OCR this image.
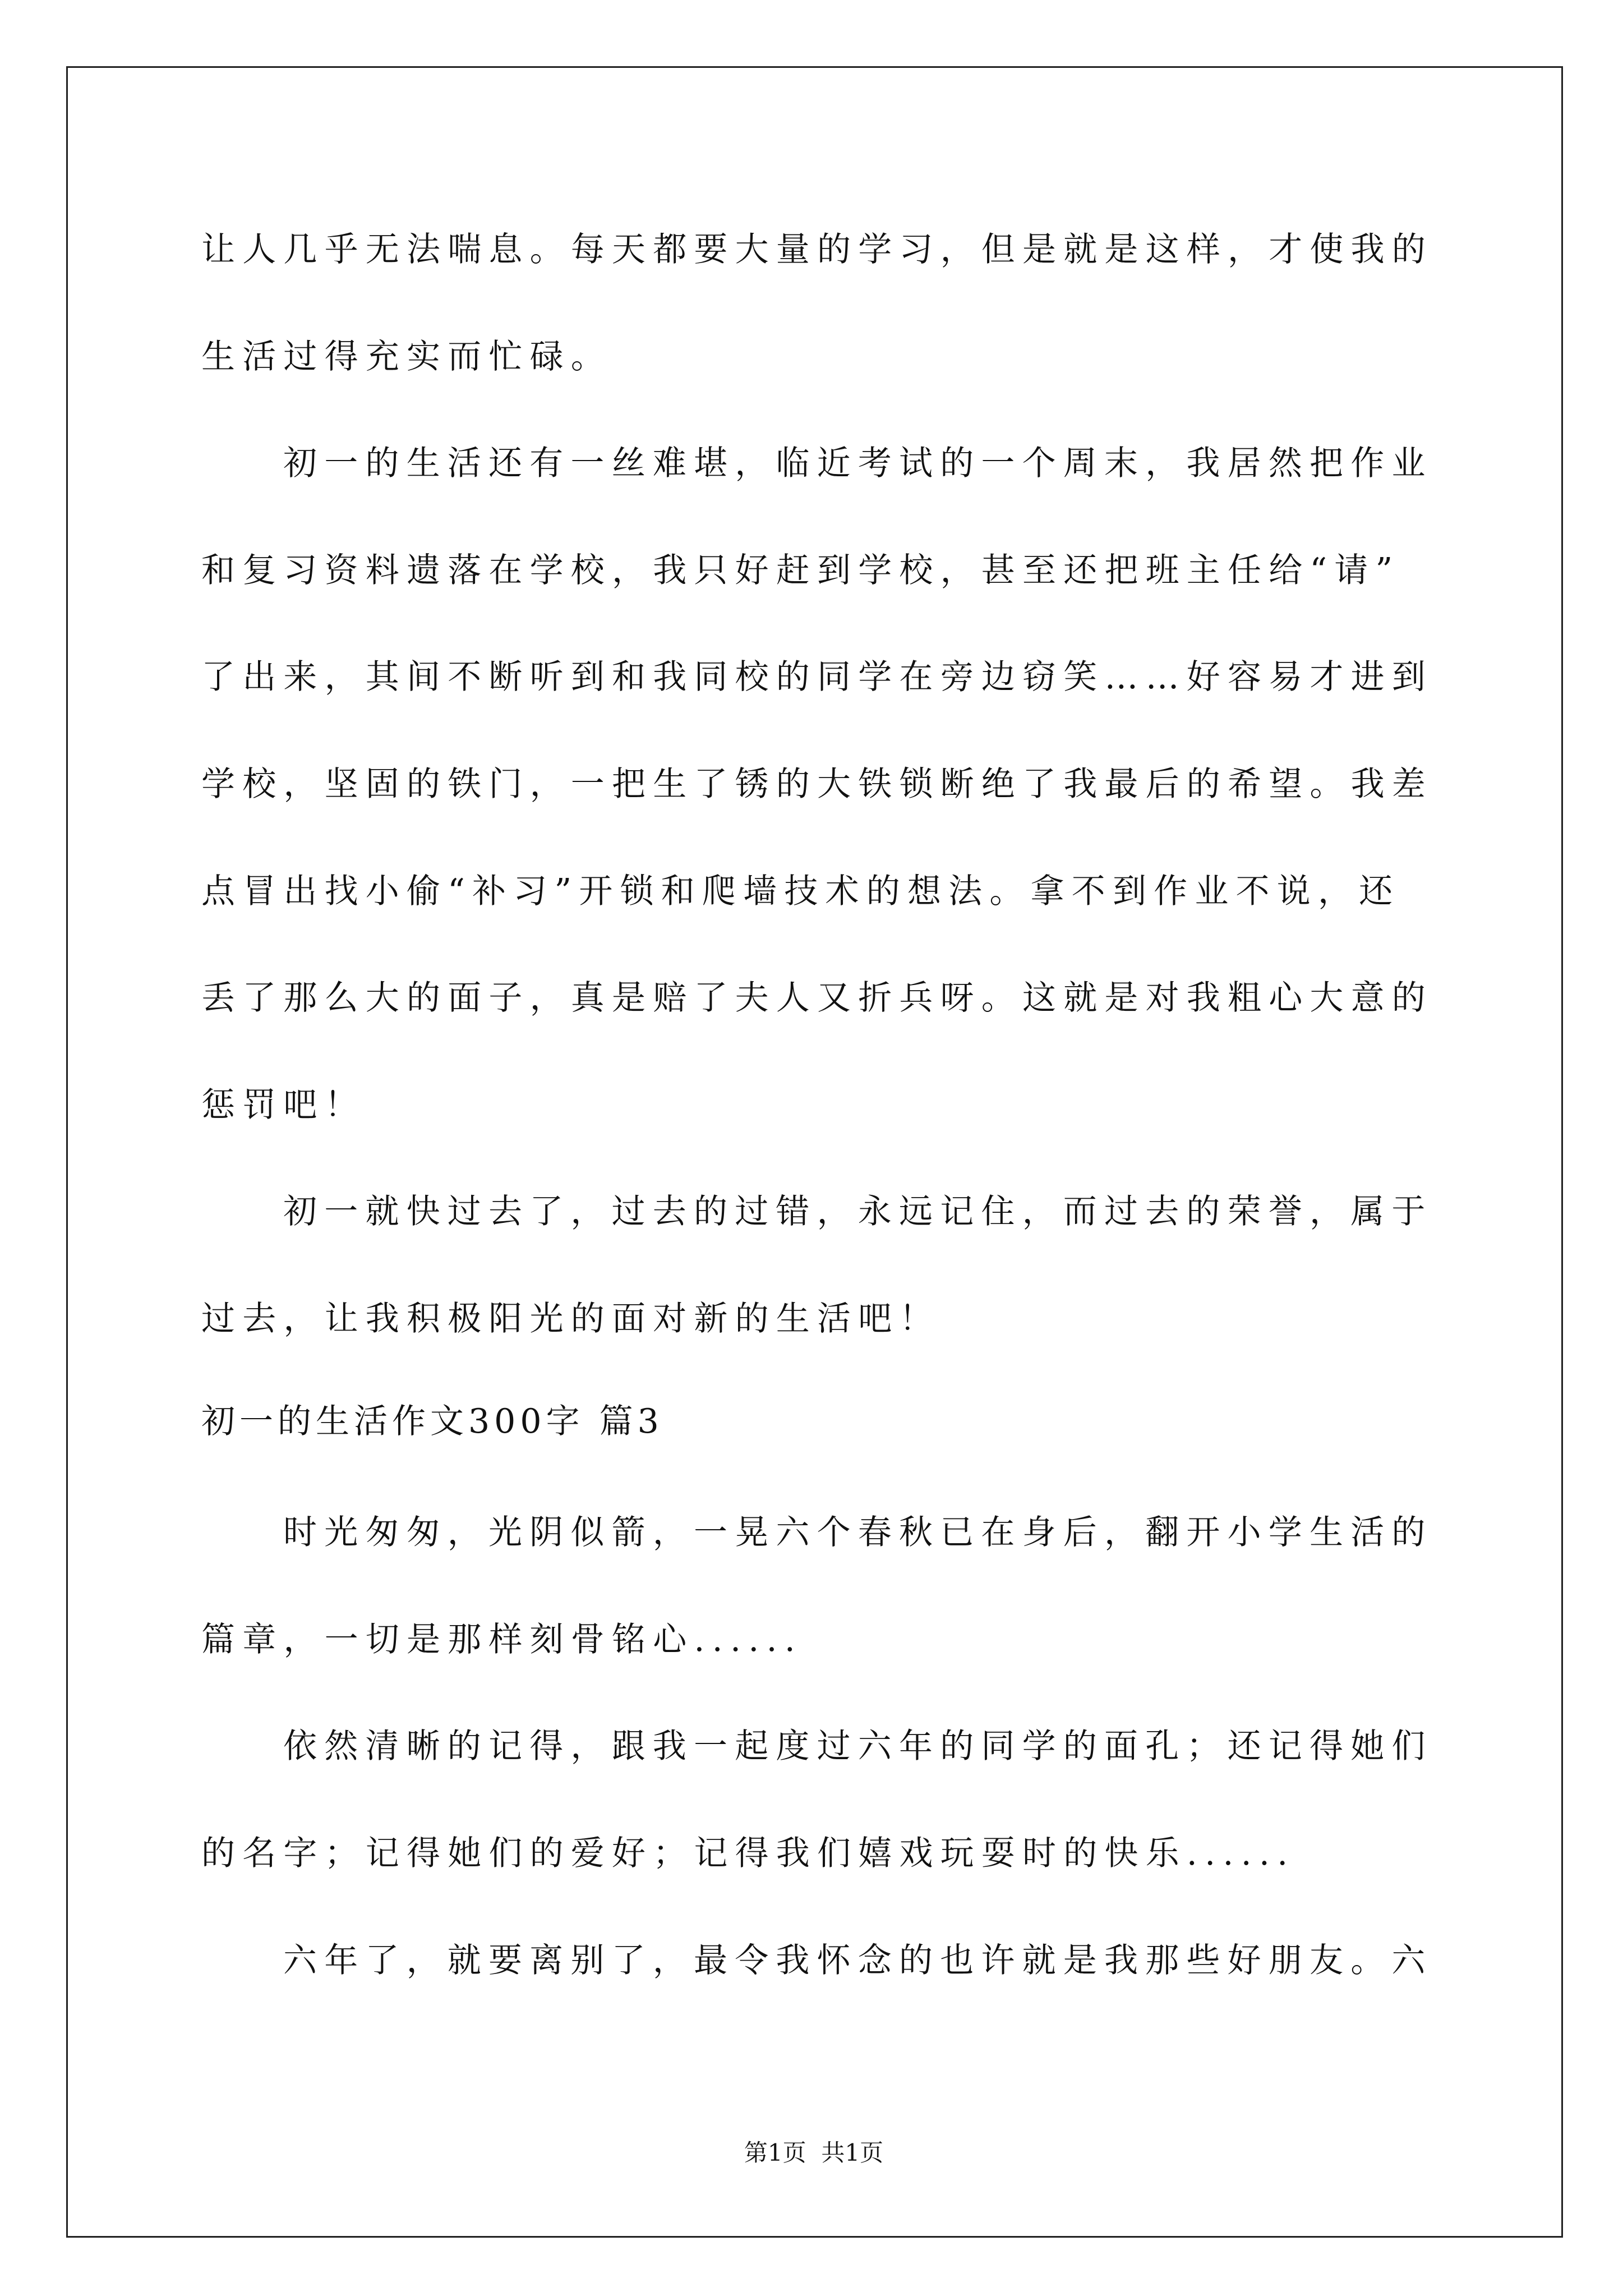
让人几乎无法喘息。每天都要大量的学习，但是就是这样，才使我的
生活过得充实而忙碌。
初一的生活还有一丝难堪，临近考试的一个周末，我居然把作业
和复习资料遗落在学校，我只好赶到学校，甚至还把班主任给“请”
了出来，其间不断听到和我同校的同学在旁边窃笑……好容易才进到
学校，坚固的铁门，一把生了锈的大铁锁断绝了我最后的希望。我差
点冒出找小偷“补习”开锁和爬墙技术的想法。拿不到作业不说，还
丢了那么大的面子，真是赔了夫人又折兵呀。这就是对我粗心大意的
惩罚吧！
初一就快过去了，过去的过错，永远记住，而过去的荣誉，属于
过去，让我积极阳光的面对新的生活吧！
初一的生活作文300字 篇3
时光匆匆，光阴似箭，一晃六个春秋已在身后，翻开小学生活的
篇章，一切是那样刻骨铭心......
依然清晰的记得，跟我一起度过六年的同学的面孔；还记得她们
的名字；记得她们的爱好；记得我们嬉戏玩耍时的快乐......
六年了，就要离别了，最令我怀念的也许就是我那些好朋友。六
第1页  共1页
